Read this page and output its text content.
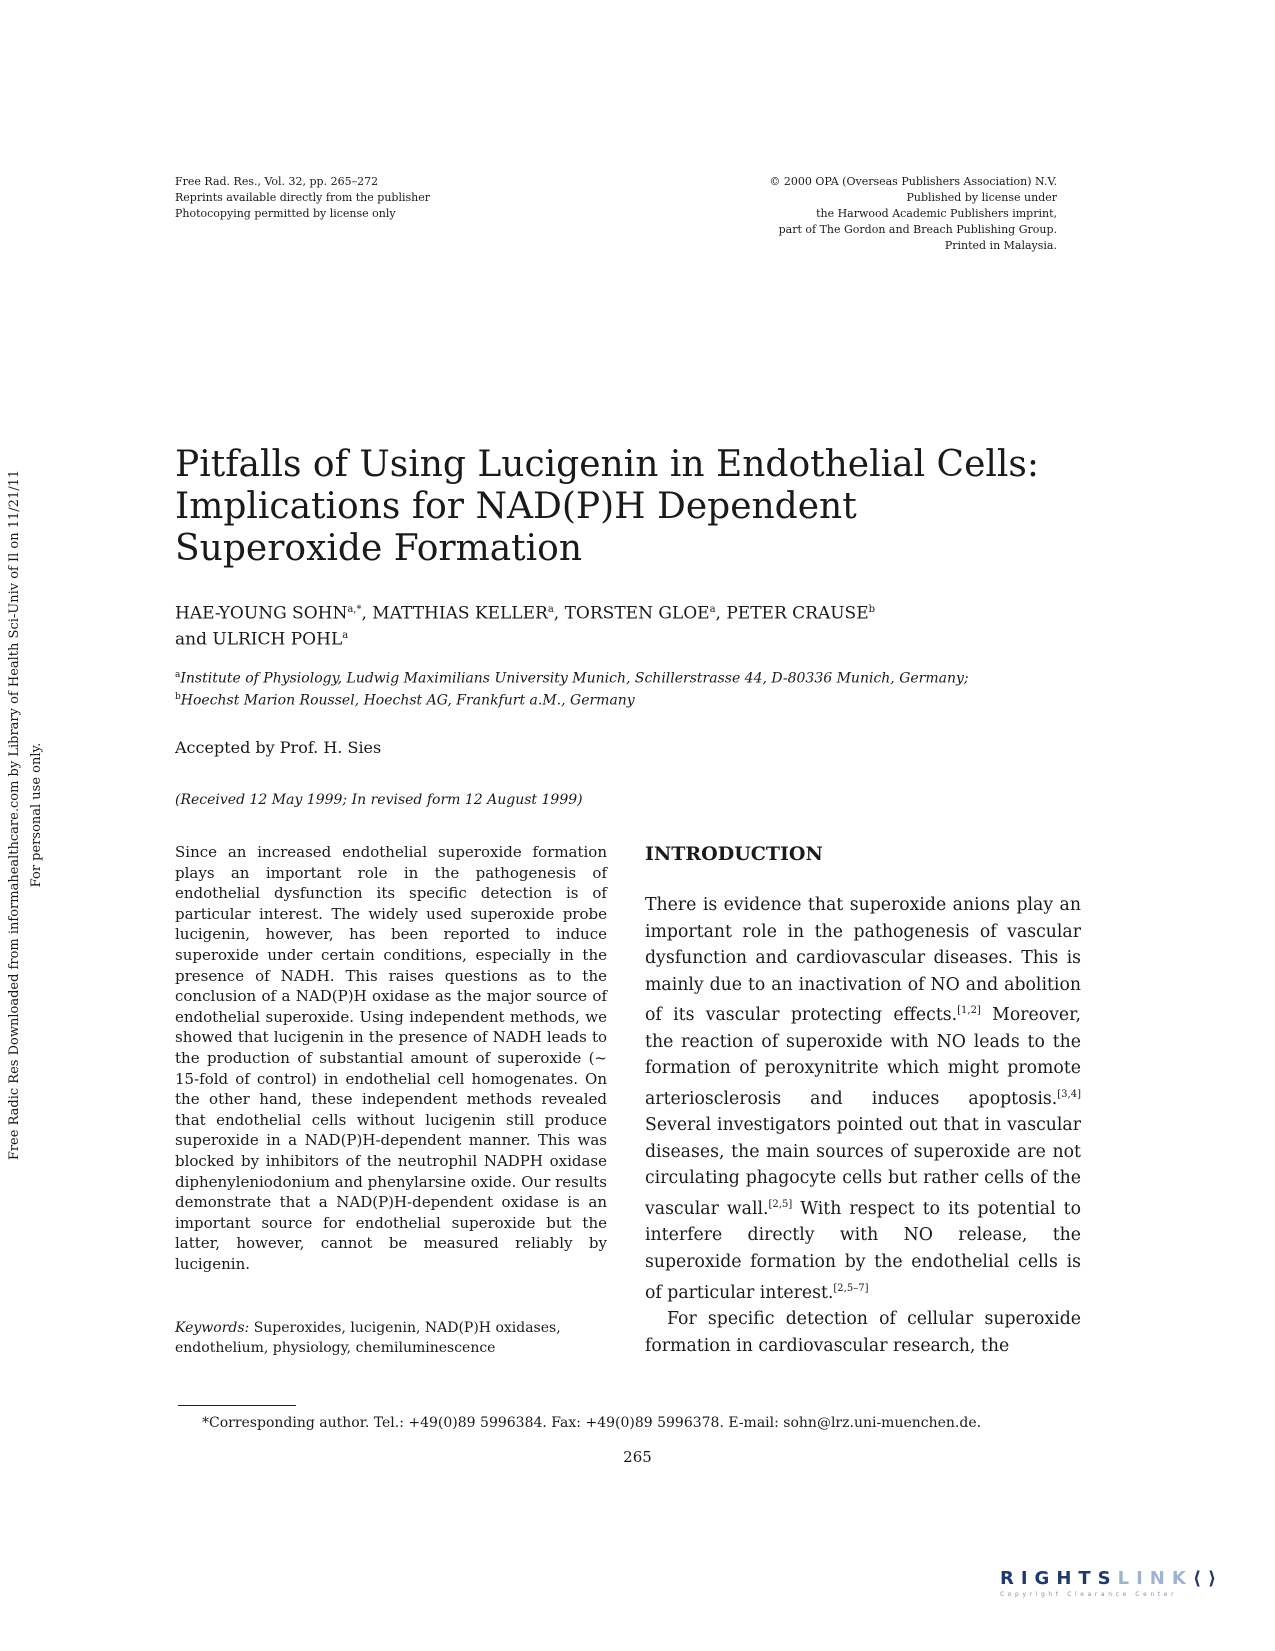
Free Rad. Res., Vol. 32, pp. 265–272
Reprints available directly from the publisher
Photocopying permitted by license only
© 2000 OPA (Overseas Publishers Association) N.V.
Published by license under
the Harwood Academic Publishers imprint,
part of The Gordon and Breach Publishing Group.
Printed in Malaysia.
Free Radic Res Downloaded from informahealthcare.com by Library of Health Sci-Univ of Il on 11/21/11 For personal use only.
Pitfalls of Using Lucigenin in Endothelial Cells:
Implications for NAD(P)H Dependent
Superoxide Formation
HAE-YOUNG $SOHN^{a,*}$, MATTHIAS KELLER$^a$, TORSTEN GLOE$^a$, PETER CRAUSE$^b$
and ULRICH POHL$^a$
$^a$Institute of Physiology, Ludwig Maximilians University Munich, Schillerstrasse 44, D-80336 Munich, Germany;
$^b$Hoechst Marion Roussel, Hoechst AG, Frankfurt a.M., Germany
Accepted by Prof. H. Sies
(Received 12 May 1999; In revised form 12 August 1999)
Since an increased endothelial superoxide formation plays an important role in the pathogenesis of endothelial dysfunction its specific detection is of particular interest. The widely used superoxide probe lucigenin, however, has been reported to induce superoxide under certain conditions, especially in the presence of NADH. This raises questions as to the conclusion of a NAD(P)H oxidase as the major source of endothelial superoxide. Using independent methods, we showed that lucigenin in the presence of NADH leads to the production of substantial amount of superoxide (~ 15-fold of control) in endothelial cell homogenates. On the other hand, these independent methods revealed that endothelial cells without lucigenin still produce superoxide in a NAD(P)H-dependent manner. This was blocked by inhibitors of the neutrophil NADPH oxidase diphenyleniodonium and phenylarsine oxide. Our results demonstrate that a NAD(P)H-dependent oxidase is an important source for endothelial superoxide but the latter, however, cannot be measured reliably by lucigenin.
Keywords: Superoxides, lucigenin, NAD(P)H oxidases, endothelium, physiology, chemiluminescence
INTRODUCTION

There is evidence that superoxide anions play an important role in the pathogenesis of vascular dysfunction and cardiovascular diseases. This is mainly due to an inactivation of NO and abolition of its vascular protecting effects.[1,2] Moreover, the reaction of superoxide with NO leads to the formation of peroxynitrite which might promote arteriosclerosis and induces apoptosis.[3,4] Several investigators pointed out that in vascular diseases, the main sources of superoxide are not circulating phagocyte cells but rather cells of the vascular wall.[2,5] With respect to its potential to interfere directly with NO release, the superoxide formation by the endothelial cells is of particular interest.[2,5–7]

For specific detection of cellular superoxide formation in cardiovascular research, the

*Corresponding author. Tel.: +49(0)89 5996384. Fax: +49(0)89 5996378. E-mail: sohn@lrz.uni-muenchen.de.
265
RIGHTSLINK⟨⟩
Copyright Clearance Center
